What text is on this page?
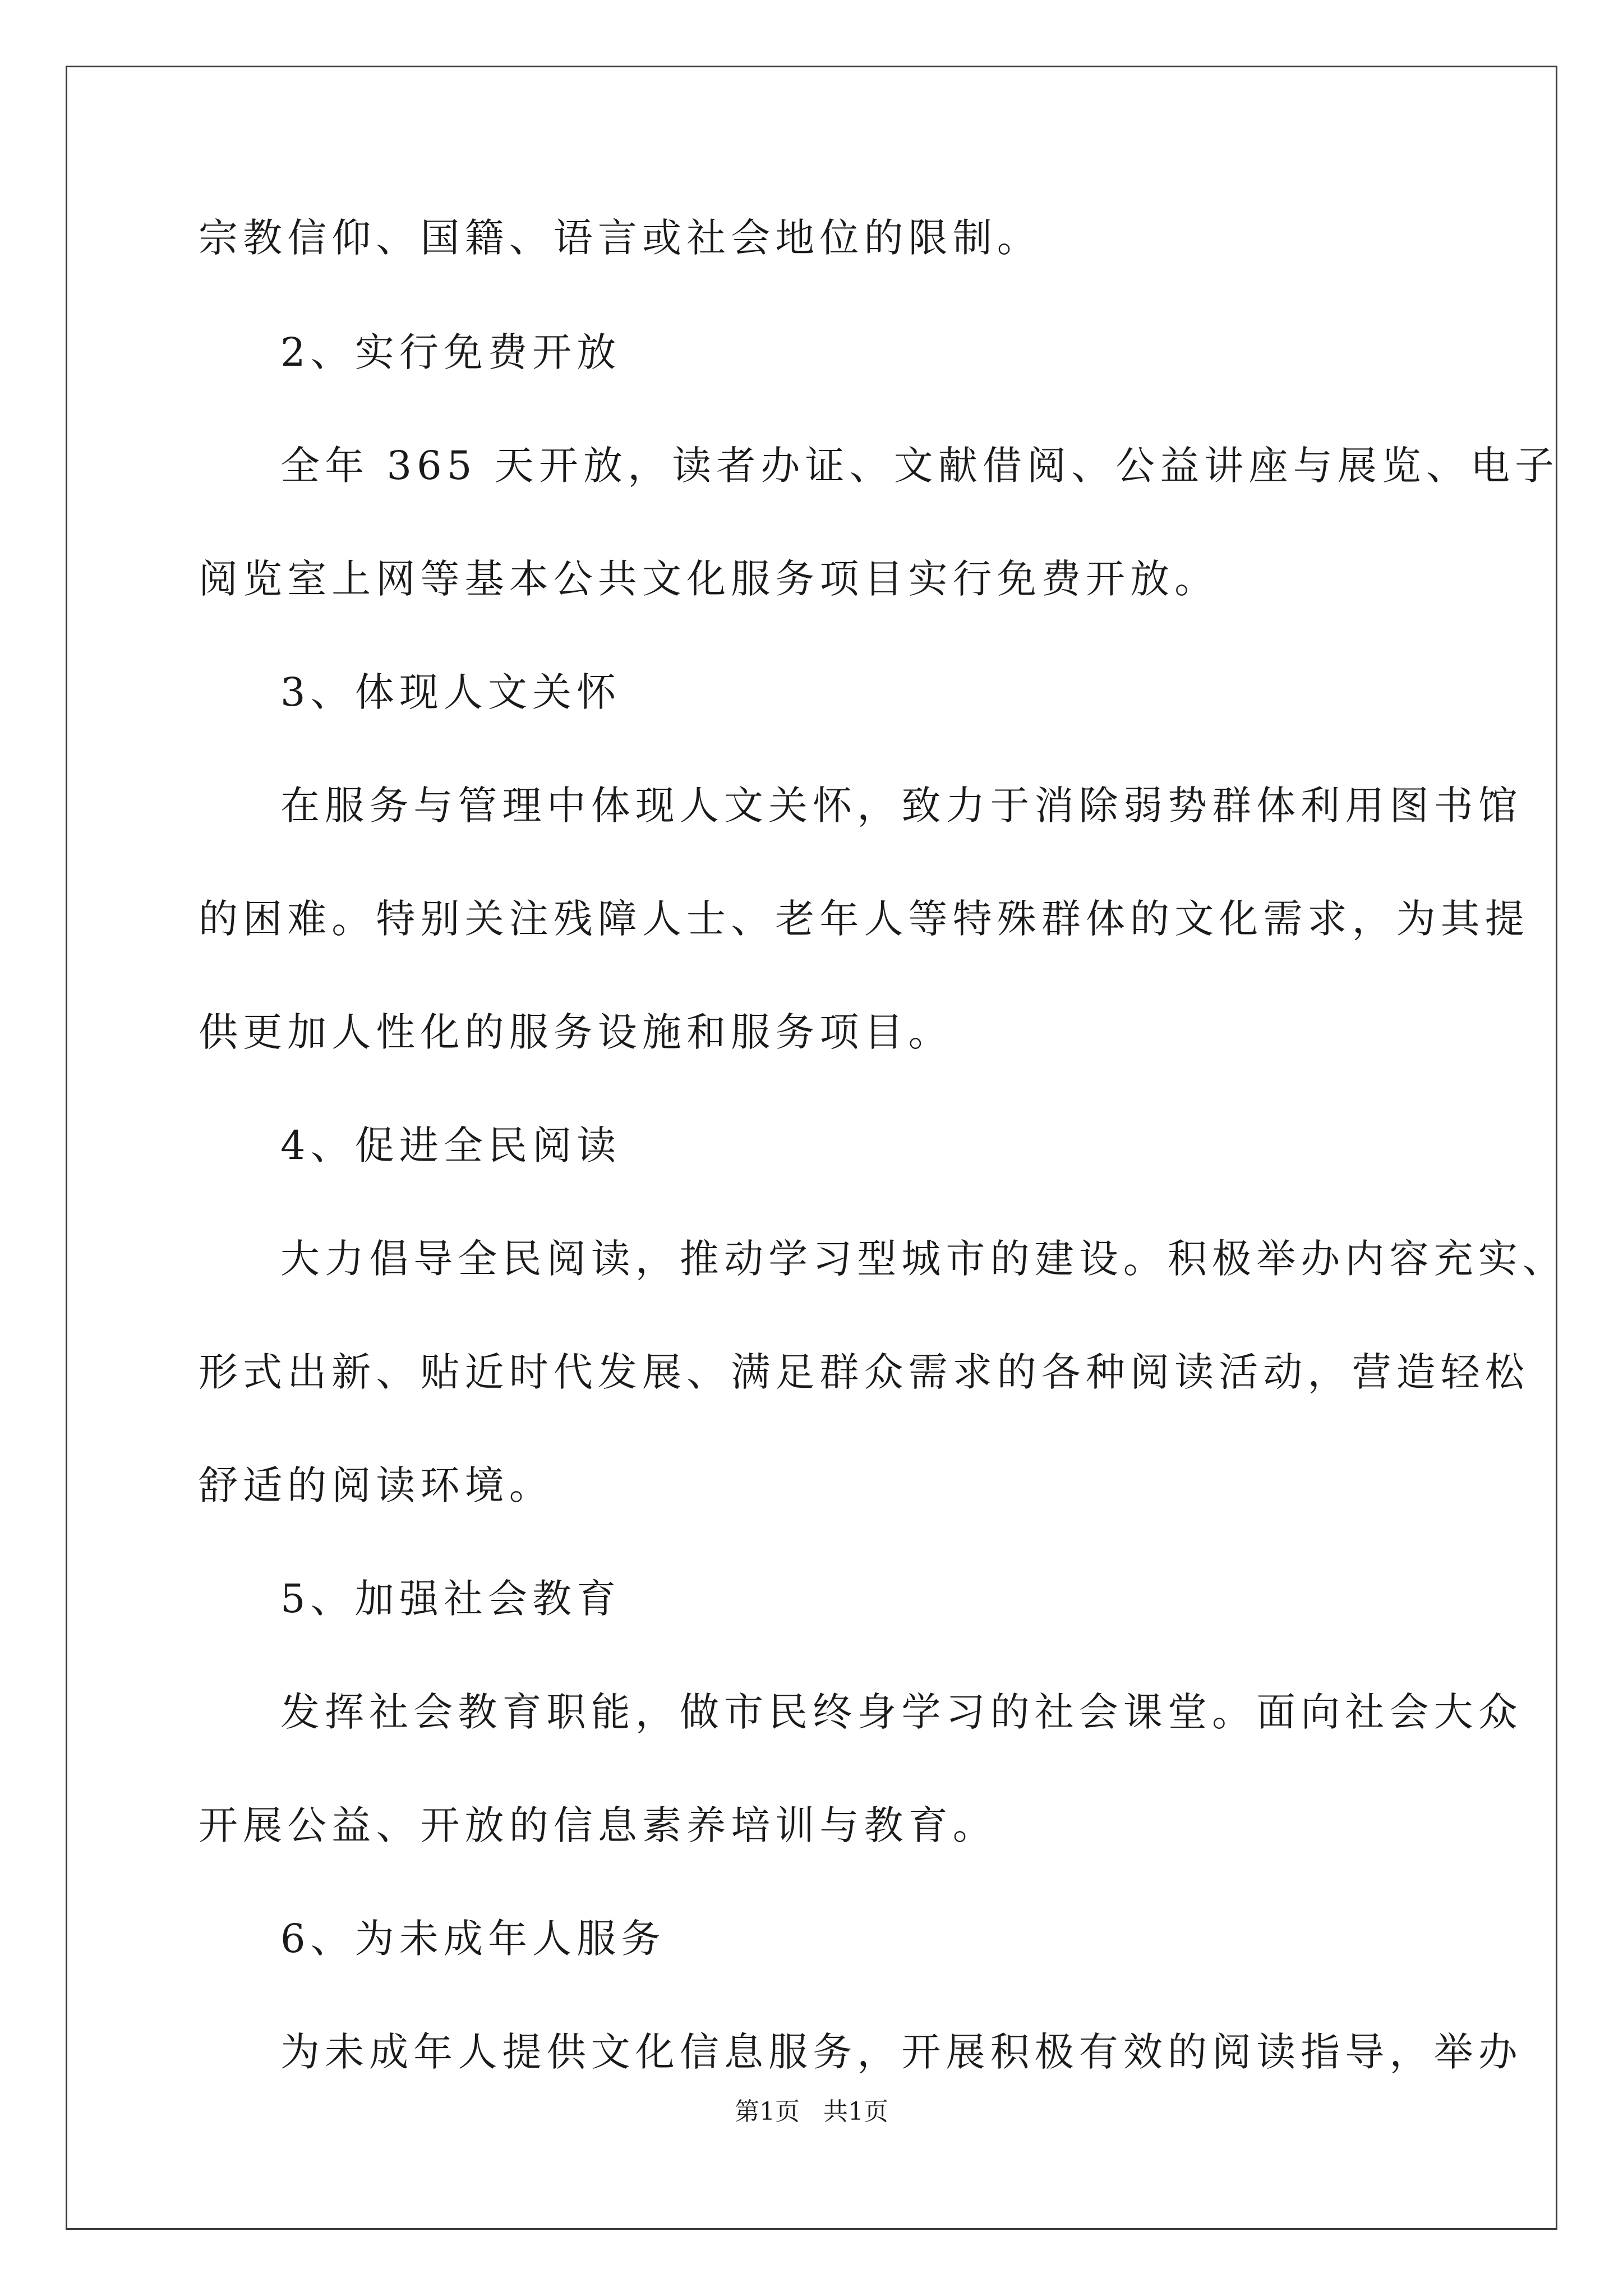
宗教信仰、国籍、语言或社会地位的限制。
2、实行免费开放
全年 365 天开放，读者办证、文献借阅、公益讲座与展览、电子
阅览室上网等基本公共文化服务项目实行免费开放。
3、体现人文关怀
在服务与管理中体现人文关怀，致力于消除弱势群体利用图书馆
的困难。特别关注残障人士、老年人等特殊群体的文化需求，为其提
供更加人性化的服务设施和服务项目。
4、促进全民阅读
大力倡导全民阅读，推动学习型城市的建设。积极举办内容充实、
形式出新、贴近时代发展、满足群众需求的各种阅读活动，营造轻松
舒适的阅读环境。
5、加强社会教育
发挥社会教育职能，做市民终身学习的社会课堂。面向社会大众
开展公益、开放的信息素养培训与教育。
6、为未成年人服务
为未成年人提供文化信息服务，开展积极有效的阅读指导，举办
第1页   共1页
